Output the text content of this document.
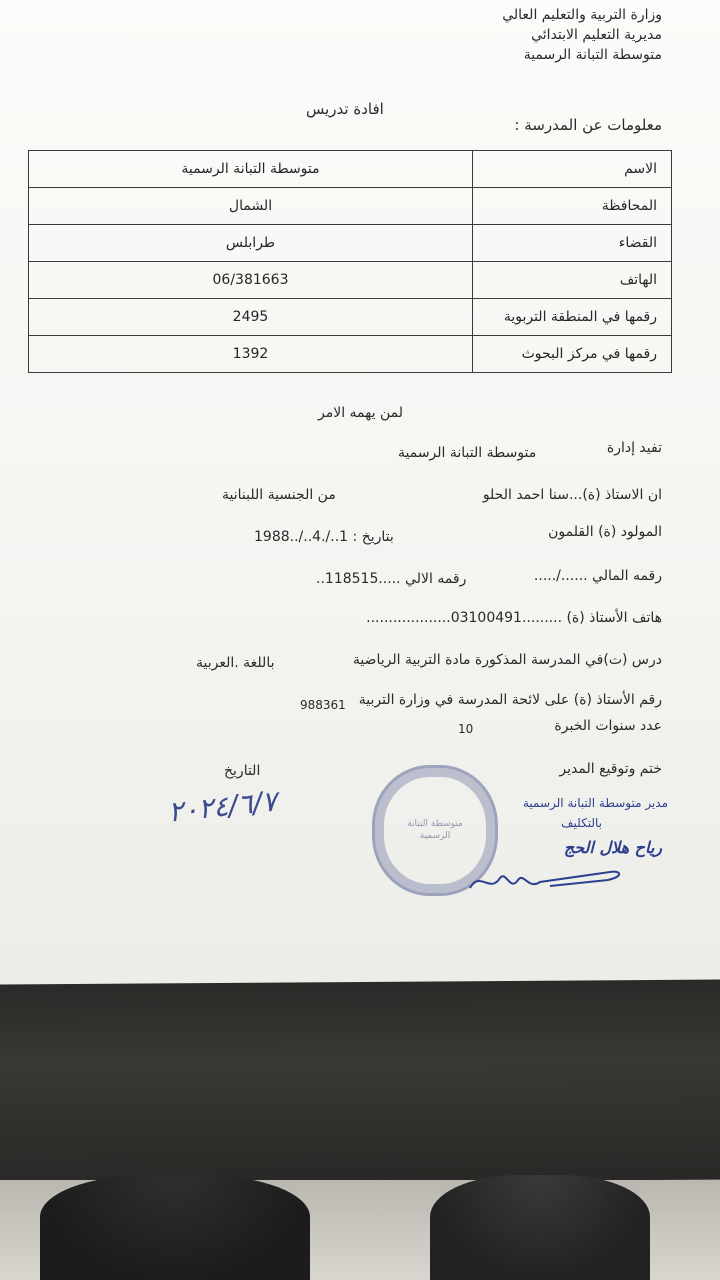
وزارة التربية والتعليم العالي
مديرية التعليم الابتدائي
متوسطة التبانة الرسمية
افادة تدريس
معلومات عن المدرسة :
الاسم	متوسطة التبانة الرسمية
المحافظة	الشمال
القضاء	طرابلس
الهاتف	06/381663
رقمها في المنطقة التربوية	2495
رقمها في مركز البحوث	1392
لمن يهمه الامر
تفيد إدارة
متوسطة التبانة الرسمية
ان الاستاذ (ة)...سنا احمد الحلو
من الجنسية اللبنانية
المولود (ة) القلمون
بتاريخ : 1../.4../..1988
رقمه المالي ....../.....
رقمه الالي .....118515..
هاتف الأستاذ (ة) .........03100491...................
درس (ت)في المدرسة المذكورة مادة التربية الرياضية
باللغة .العربية
رقم الأستاذ (ة) على لائحة المدرسة في وزارة التربية
988361
عدد سنوات الخبرة
10
ختم وتوقيع المدير
التاريخ
٢٠٢٤/٦/٧	متوسطة التبانة الرسمية
مدير متوسطة التبانة الرسمية
بالتكليف
رياح هلال الحج
